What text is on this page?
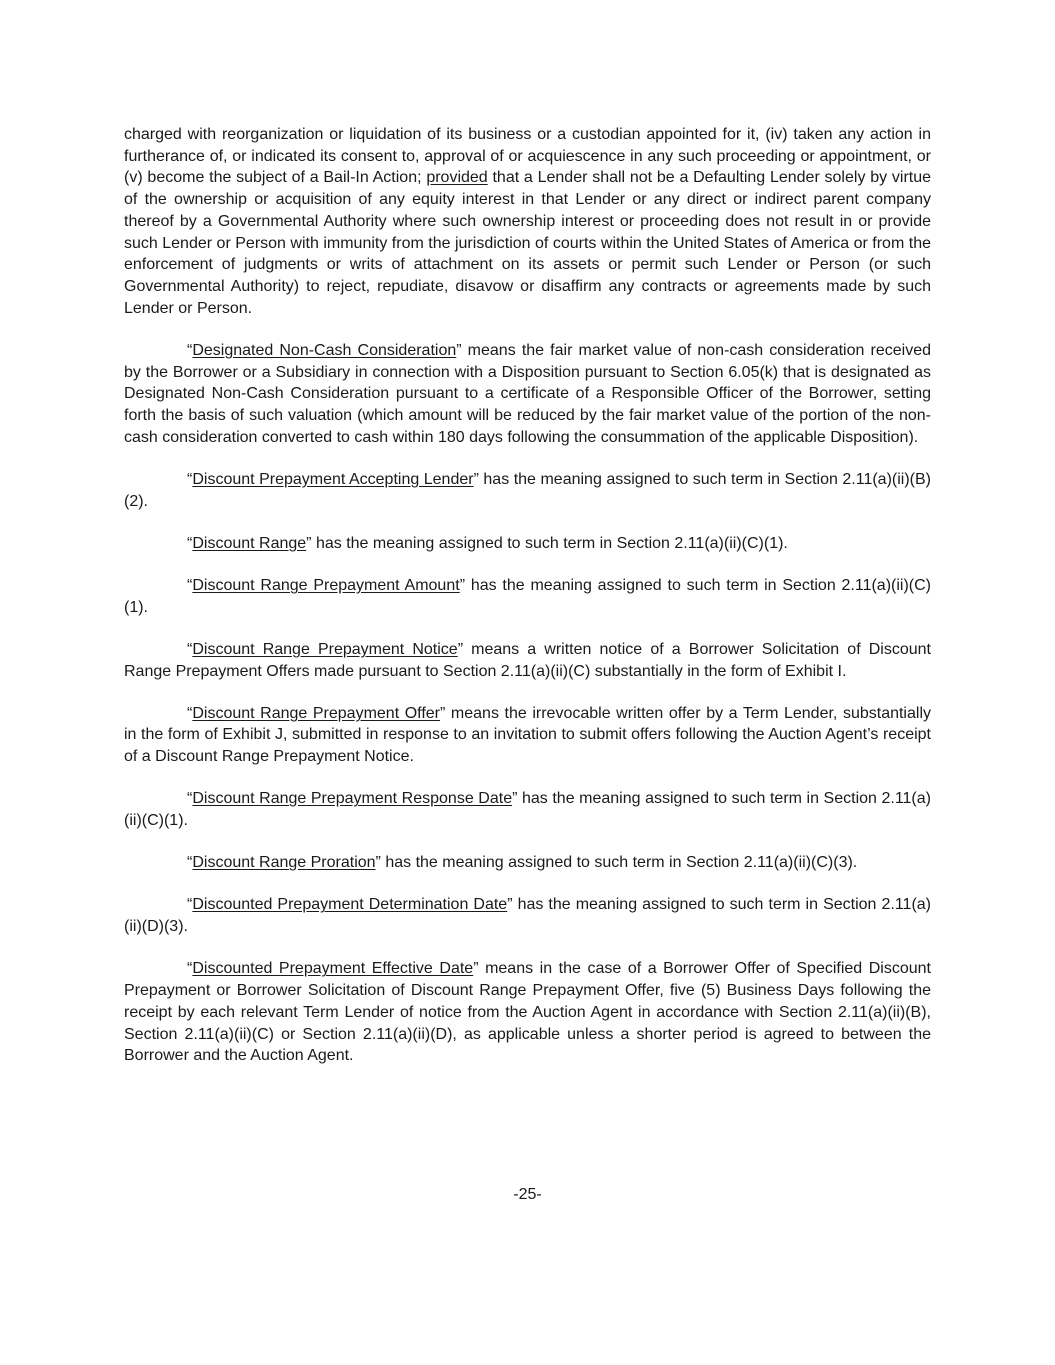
charged with reorganization or liquidation of its business or a custodian appointed for it, (iv) taken any action in furtherance of, or indicated its consent to, approval of or acquiescence in any such proceeding or appointment, or (v) become the subject of a Bail-In Action; provided that a Lender shall not be a Defaulting Lender solely by virtue of the ownership or acquisition of any equity interest in that Lender or any direct or indirect parent company thereof by a Governmental Authority where such ownership interest or proceeding does not result in or provide such Lender or Person with immunity from the jurisdiction of courts within the United States of America or from the enforcement of judgments or writs of attachment on its assets or permit such Lender or Person (or such Governmental Authority) to reject, repudiate, disavow or disaffirm any contracts or agreements made by such Lender or Person.

“Designated Non-Cash Consideration” means the fair market value of non-cash consideration received by the Borrower or a Subsidiary in connection with a Disposition pursuant to Section 6.05(k) that is designated as Designated Non-Cash Consideration pursuant to a certificate of a Responsible Officer of the Borrower, setting forth the basis of such valuation (which amount will be reduced by the fair market value of the portion of the non-cash consideration converted to cash within 180 days following the consummation of the applicable Disposition).

“Discount Prepayment Accepting Lender” has the meaning assigned to such term in Section 2.11(a)(ii)(B)(2).

“Discount Range” has the meaning assigned to such term in Section 2.11(a)(ii)(C)(1).

“Discount Range Prepayment Amount” has the meaning assigned to such term in Section 2.11(a)(ii)(C)(1).

“Discount Range Prepayment Notice” means a written notice of a Borrower Solicitation of Discount Range Prepayment Offers made pursuant to Section 2.11(a)(ii)(C) substantially in the form of Exhibit I.

“Discount Range Prepayment Offer” means the irrevocable written offer by a Term Lender, substantially in the form of Exhibit J, submitted in response to an invitation to submit offers following the Auction Agent’s receipt of a Discount Range Prepayment Notice.

“Discount Range Prepayment Response Date” has the meaning assigned to such term in Section 2.11(a)(ii)(C)(1).

“Discount Range Proration” has the meaning assigned to such term in Section 2.11(a)(ii)(C)(3).

“Discounted Prepayment Determination Date” has the meaning assigned to such term in Section 2.11(a)(ii)(D)(3).

“Discounted Prepayment Effective Date” means in the case of a Borrower Offer of Specified Discount Prepayment or Borrower Solicitation of Discount Range Prepayment Offer, five (5) Business Days following the receipt by each relevant Term Lender of notice from the Auction Agent in accordance with Section 2.11(a)(ii)(B), Section 2.11(a)(ii)(C) or Section 2.11(a)(ii)(D), as applicable unless a shorter period is agreed to between the Borrower and the Auction Agent.

-25-
